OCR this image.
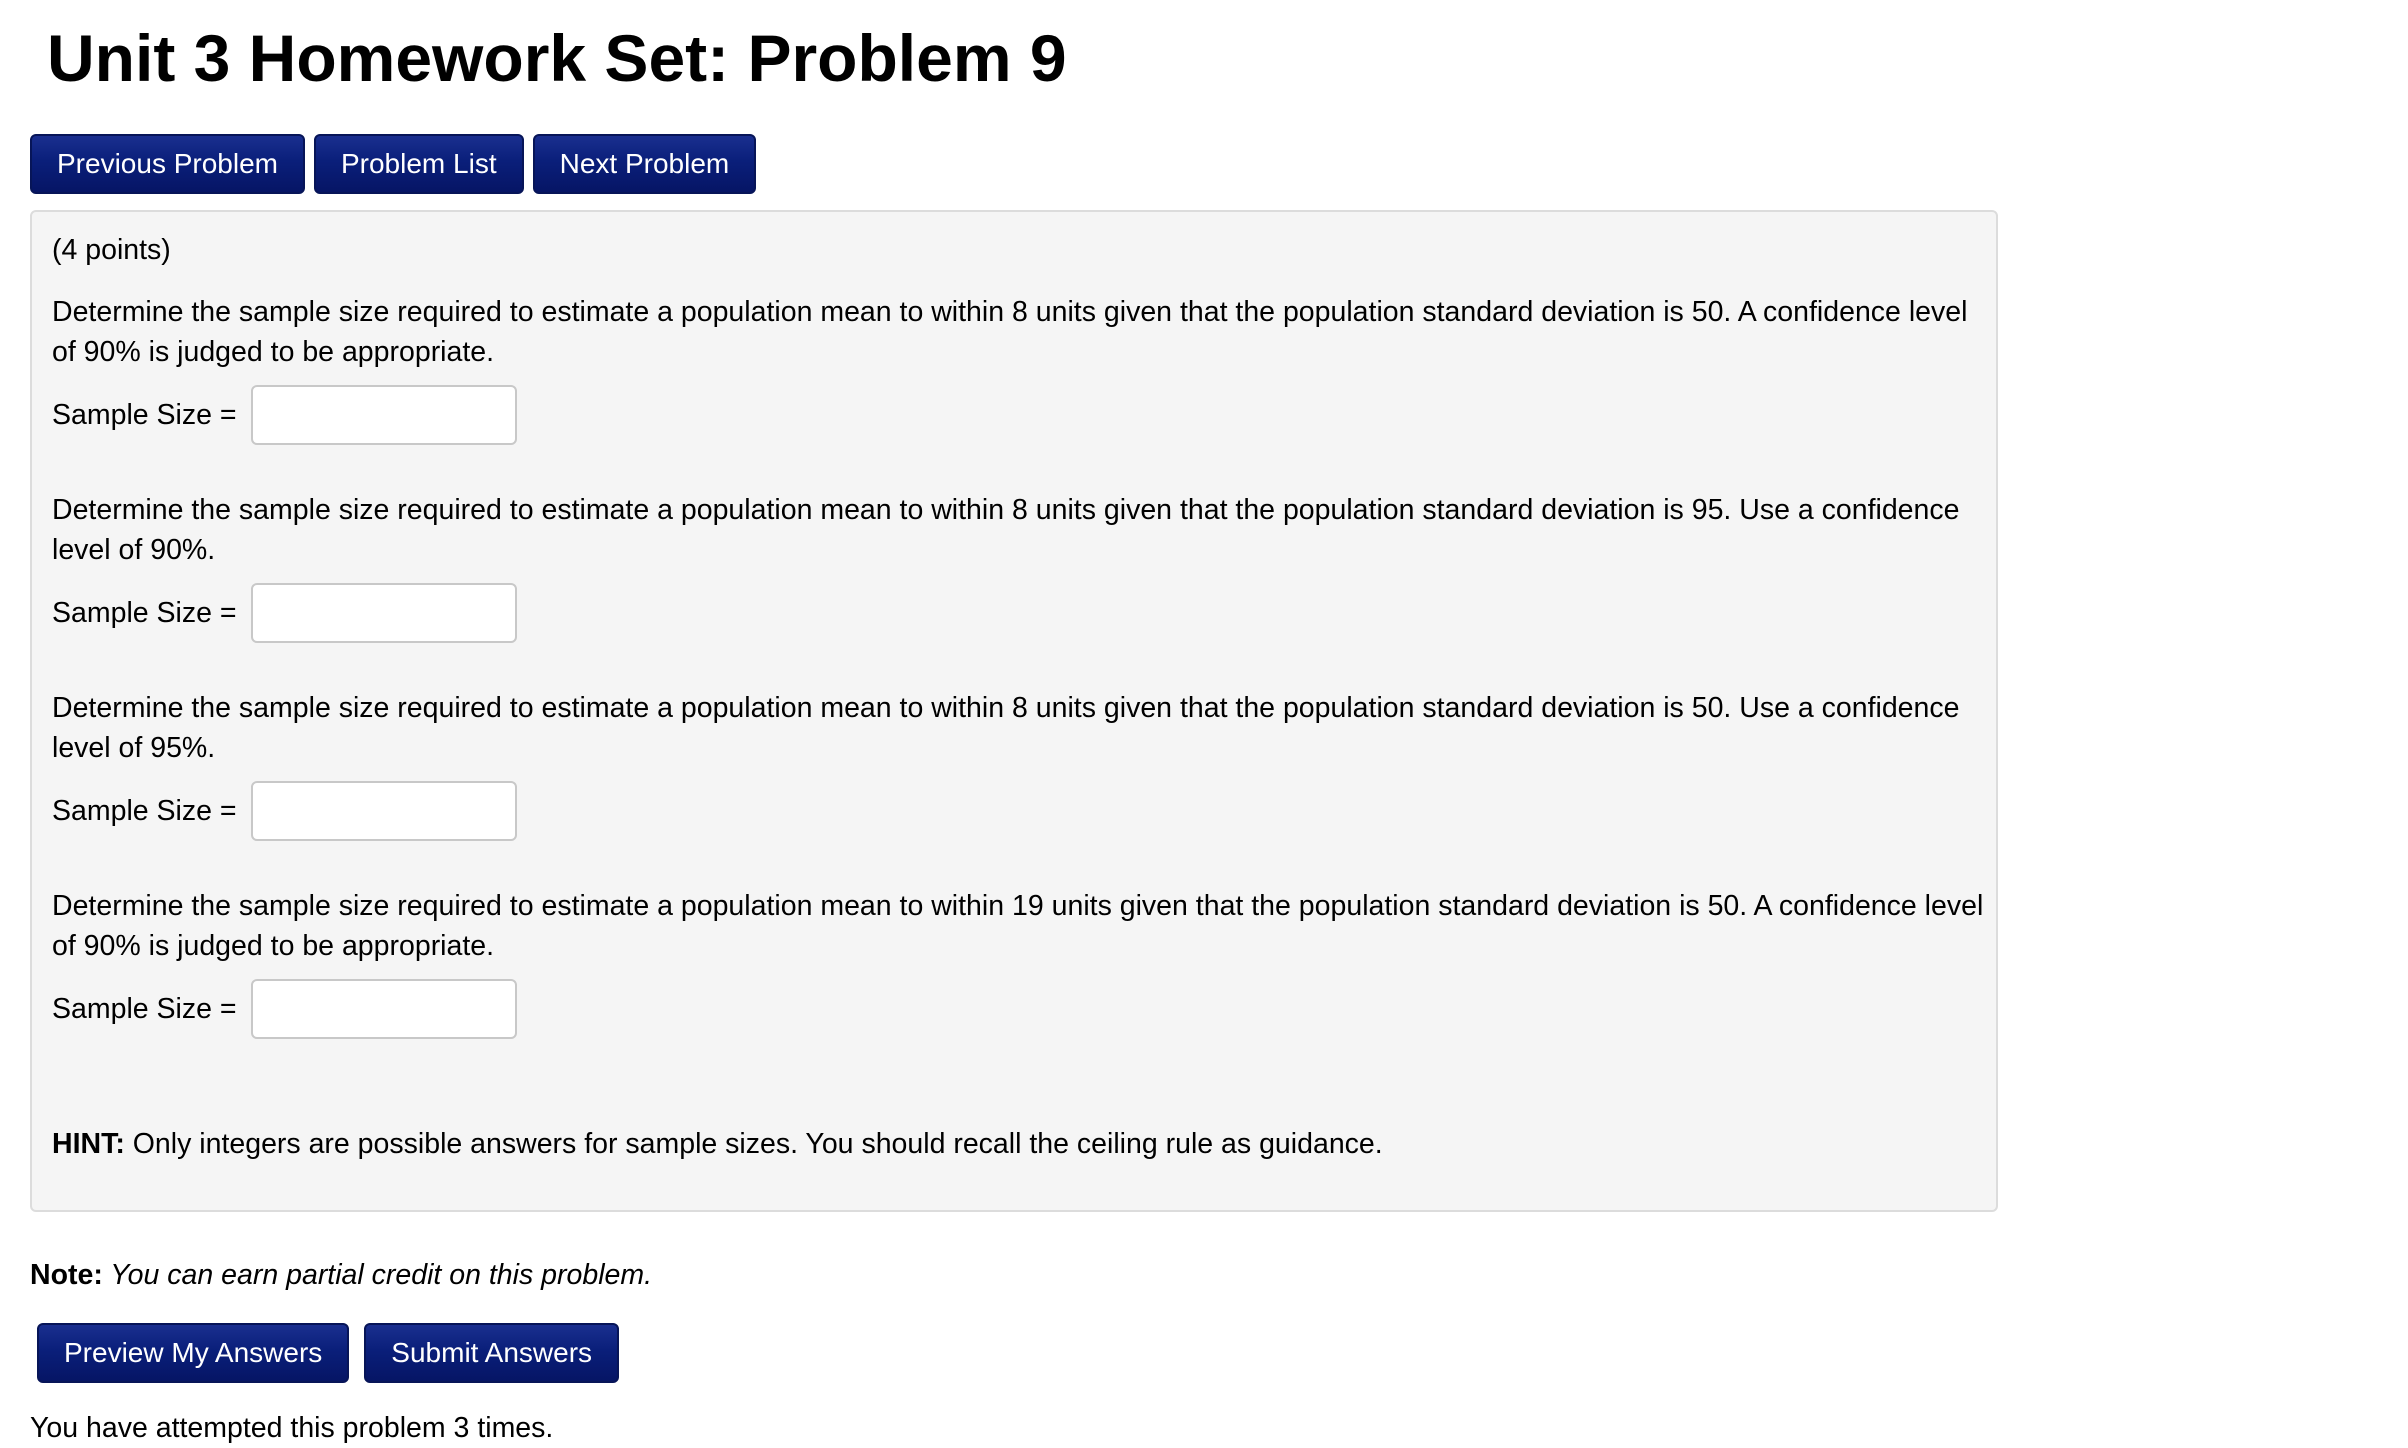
Unit 3 Homework Set: Problem 9
Previous Problem	Problem List	Next Problem
(4 points)

Determine the sample size required to estimate a population mean to within 8 units given that the population standard deviation is 50. A confidence level of 90% is judged to be appropriate.

Sample Size =

Determine the sample size required to estimate a population mean to within 8 units given that the population standard deviation is 95. Use a confidence level of 90%.

Sample Size =

Determine the sample size required to estimate a population mean to within 8 units given that the population standard deviation is 50. Use a confidence level of 95%.

Sample Size =

Determine the sample size required to estimate a population mean to within 19 units given that the population standard deviation is 50. A confidence level of 90% is judged to be appropriate.

Sample Size =
HINT: Only integers are possible answers for sample sizes. You should recall the ceiling rule as guidance.
Note: You can earn partial credit on this problem.
Preview My Answers	Submit Answers
You have attempted this problem 3 times.
